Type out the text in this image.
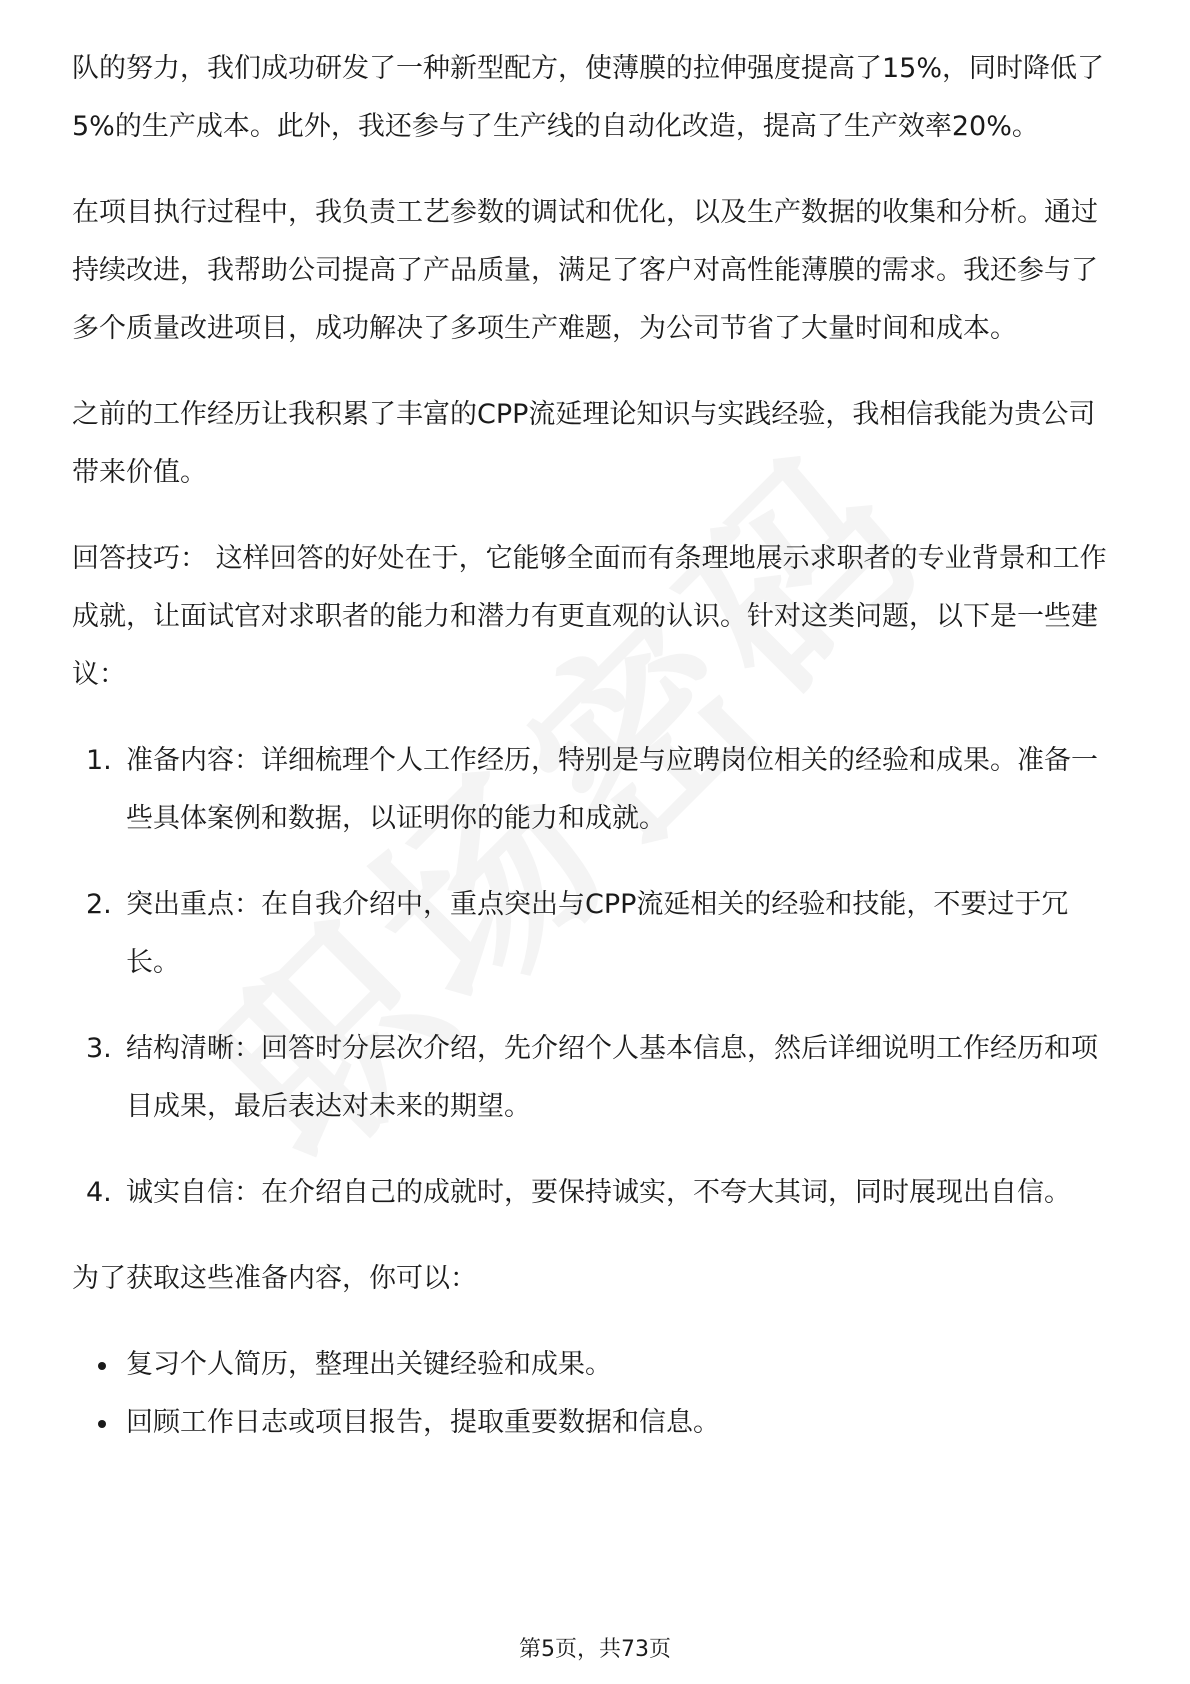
队的努力，我们成功研发了一种新型配方，使薄膜的拉伸强度提高了15%，同时降低了5%的生产成本。此外，我还参与了生产线的自动化改造，提高了生产效率20%。

在项目执行过程中，我负责工艺参数的调试和优化，以及生产数据的收集和分析。通过持续改进，我帮助公司提高了产品质量，满足了客户对高性能薄膜的需求。我还参与了多个质量改进项目，成功解决了多项生产难题，为公司节省了大量时间和成本。

之前的工作经历让我积累了丰富的CPP流延理论知识与实践经验，我相信我能为贵公司带来价值。

回答技巧： 这样回答的好处在于，它能够全面而有条理地展示求职者的专业背景和工作成就，让面试官对求职者的能力和潜力有更直观的认识。针对这类问题，以下是一些建议：

1. 准备内容：详细梳理个人工作经历，特别是与应聘岗位相关的经验和成果。准备一些具体案例和数据，以证明你的能力和成就。
2. 突出重点：在自我介绍中，重点突出与CPP流延相关的经验和技能，不要过于冗长。
3. 结构清晰：回答时分层次介绍，先介绍个人基本信息，然后详细说明工作经历和项目成果，最后表达对未来的期望。
4. 诚实自信：在介绍自己的成就时，要保持诚实，不夸大其词，同时展现出自信。

为了获取这些准备内容，你可以：

复习个人简历，整理出关键经验和成果。
回顾工作日志或项目报告，提取重要数据和信息。
第5页，共73页
